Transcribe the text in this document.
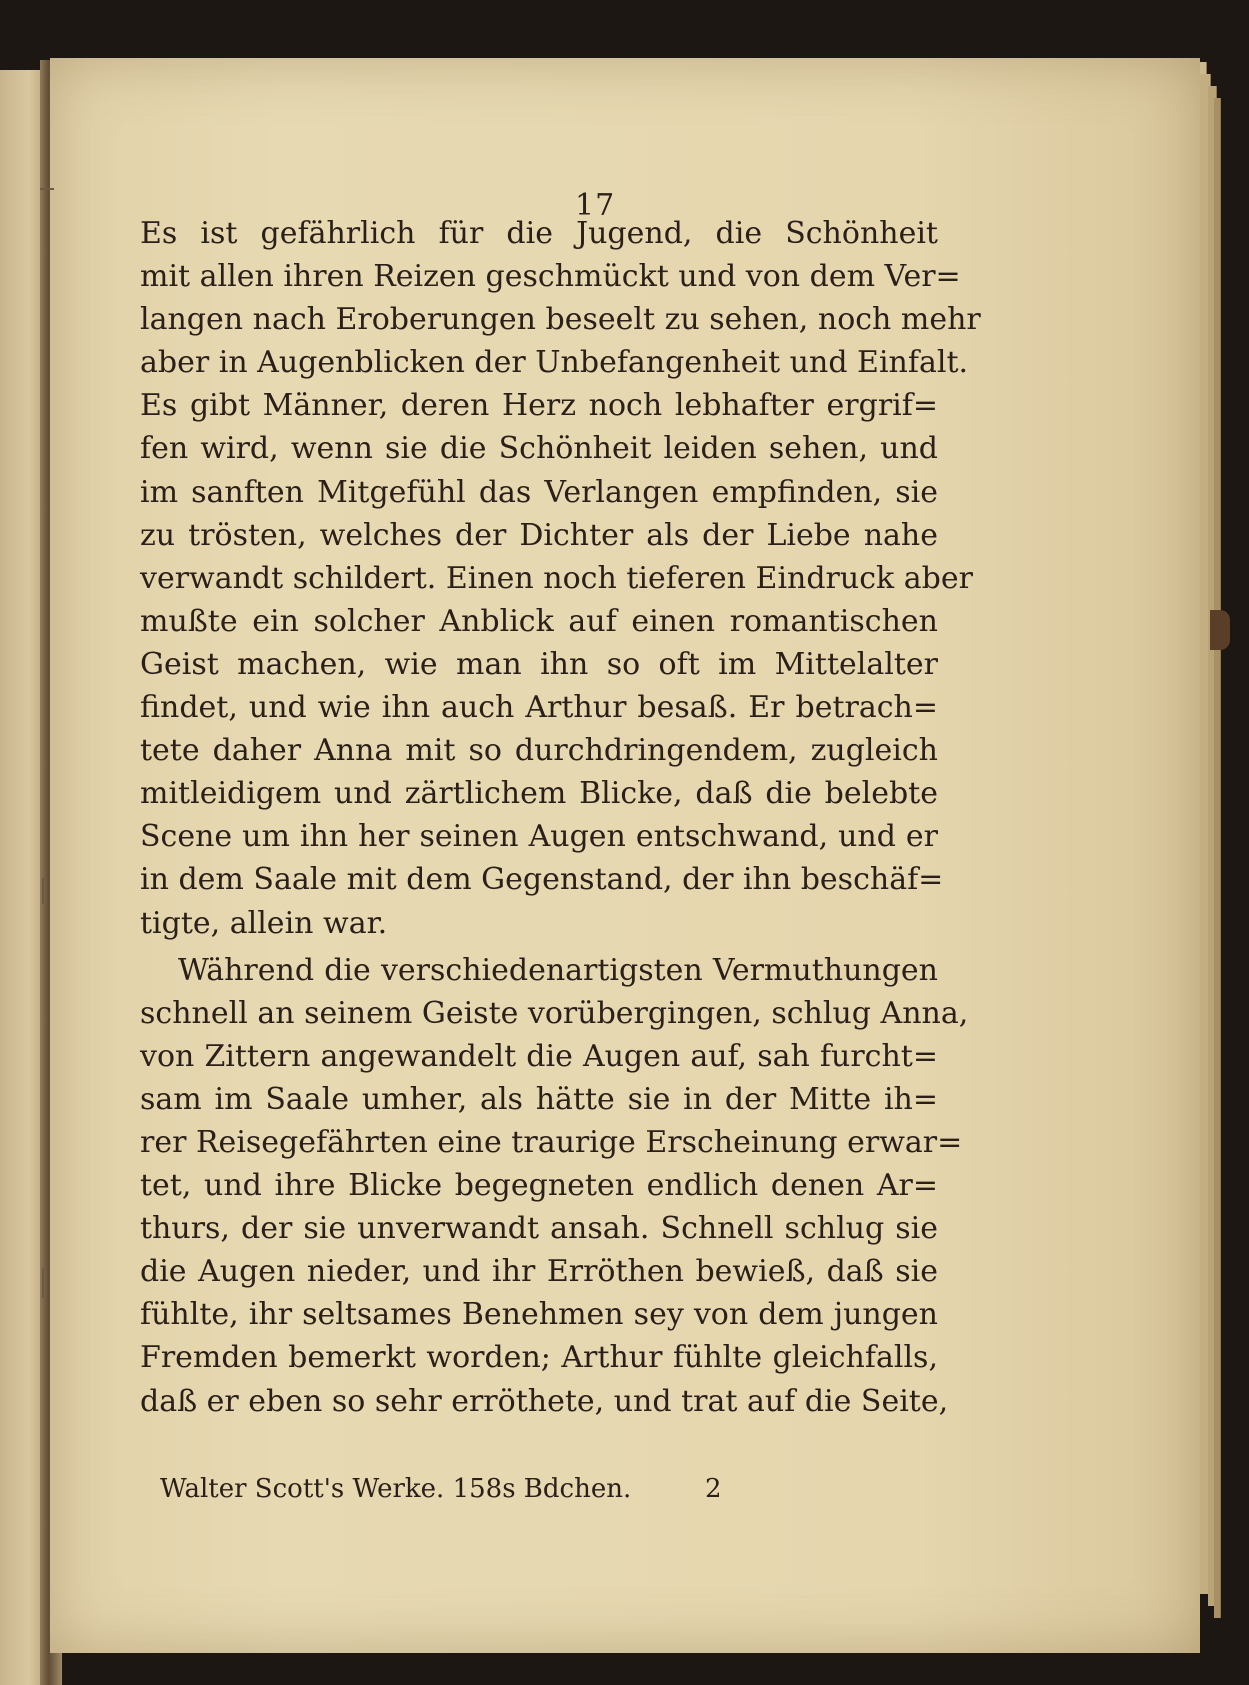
17
Es ist gefährlich für die Jugend, die Schönheit
mit allen ihren Reizen geschmückt und von dem Ver=
langen nach Eroberungen beseelt zu sehen, noch mehr
aber in Augenblicken der Unbefangenheit und Einfalt.
Es gibt Männer, deren Herz noch lebhafter ergrif=
fen wird, wenn sie die Schönheit leiden sehen, und
im sanften Mitgefühl das Verlangen empfinden, sie
zu trösten, welches der Dichter als der Liebe nahe
verwandt schildert. Einen noch tieferen Eindruck aber
mußte ein solcher Anblick auf einen romantischen
Geist machen, wie man ihn so oft im Mittelalter
findet, und wie ihn auch Arthur besaß. Er betrach=
tete daher Anna mit so durchdringendem, zugleich
mitleidigem und zärtlichem Blicke, daß die belebte
Scene um ihn her seinen Augen entschwand, und er
in dem Saale mit dem Gegenstand, der ihn beschäf=
tigte, allein war.
Während die verschiedenartigsten Vermuthungen
schnell an seinem Geiste vorübergingen, schlug Anna,
von Zittern angewandelt die Augen auf, sah furcht=
sam im Saale umher, als hätte sie in der Mitte ih=
rer Reisegefährten eine traurige Erscheinung erwar=
tet, und ihre Blicke begegneten endlich denen Ar=
thurs, der sie unverwandt ansah. Schnell schlug sie
die Augen nieder, und ihr Erröthen bewieß, daß sie
fühlte, ihr seltsames Benehmen sey von dem jungen
Fremden bemerkt worden; Arthur fühlte gleichfalls,
daß er eben so sehr erröthete, und trat auf die Seite,
Walter Scott's Werke. 158s Bdchen.	2
